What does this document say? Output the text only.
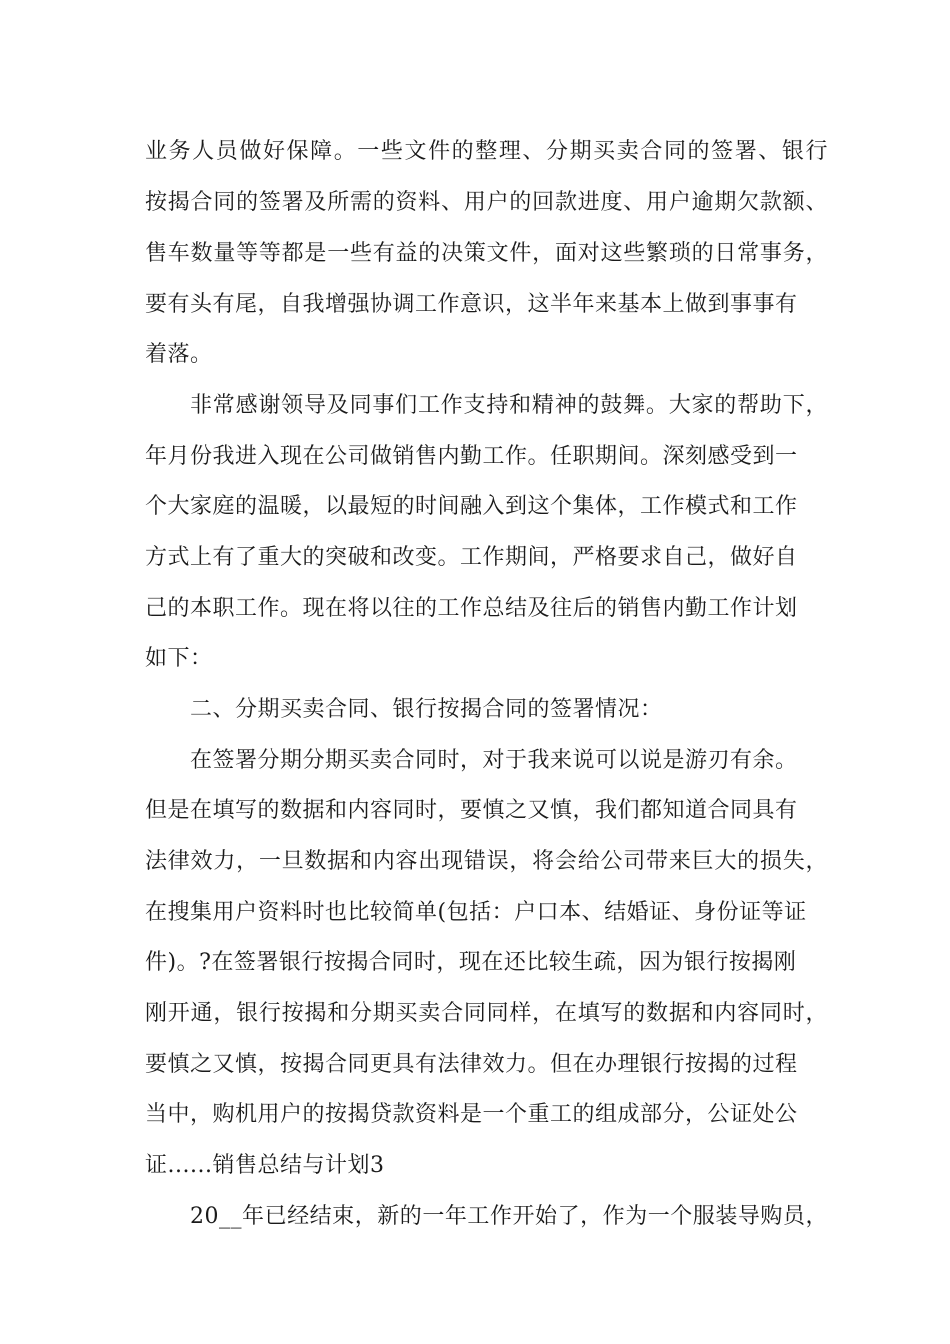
业务人员做好保障。一些文件的整理、分期买卖合同的签署、银行
按揭合同的签署及所需的资料、用户的回款进度、用户逾期欠款额、
售车数量等等都是一些有益的决策文件，面对这些繁琐的日常事务，
要有头有尾，自我增强协调工作意识，这半年来基本上做到事事有
着落。
非常感谢领导及同事们工作支持和精神的鼓舞。大家的帮助下，
年月份我进入现在公司做销售内勤工作。任职期间。深刻感受到一
个大家庭的温暖，以最短的时间融入到这个集体，工作模式和工作
方式上有了重大的突破和改变。工作期间，严格要求自己，做好自
己的本职工作。现在将以往的工作总结及往后的销售内勤工作计划
如下：
二、分期买卖合同、银行按揭合同的签署情况：
在签署分期分期买卖合同时，对于我来说可以说是游刃有余。
但是在填写的数据和内容同时，要慎之又慎，我们都知道合同具有
法律效力，一旦数据和内容出现错误，将会给公司带来巨大的损失，
在搜集用户资料时也比较简单(包括：户口本、结婚证、身份证等证
件)。?在签署银行按揭合同时，现在还比较生疏，因为银行按揭刚
刚开通，银行按揭和分期买卖合同同样，在填写的数据和内容同时，
要慎之又慎，按揭合同更具有法律效力。但在办理银行按揭的过程
当中，购机用户的按揭贷款资料是一个重工的组成部分，公证处公
证......销售总结与计划3
20__年已经结束，新的一年工作开始了，作为一个服装导购员，
